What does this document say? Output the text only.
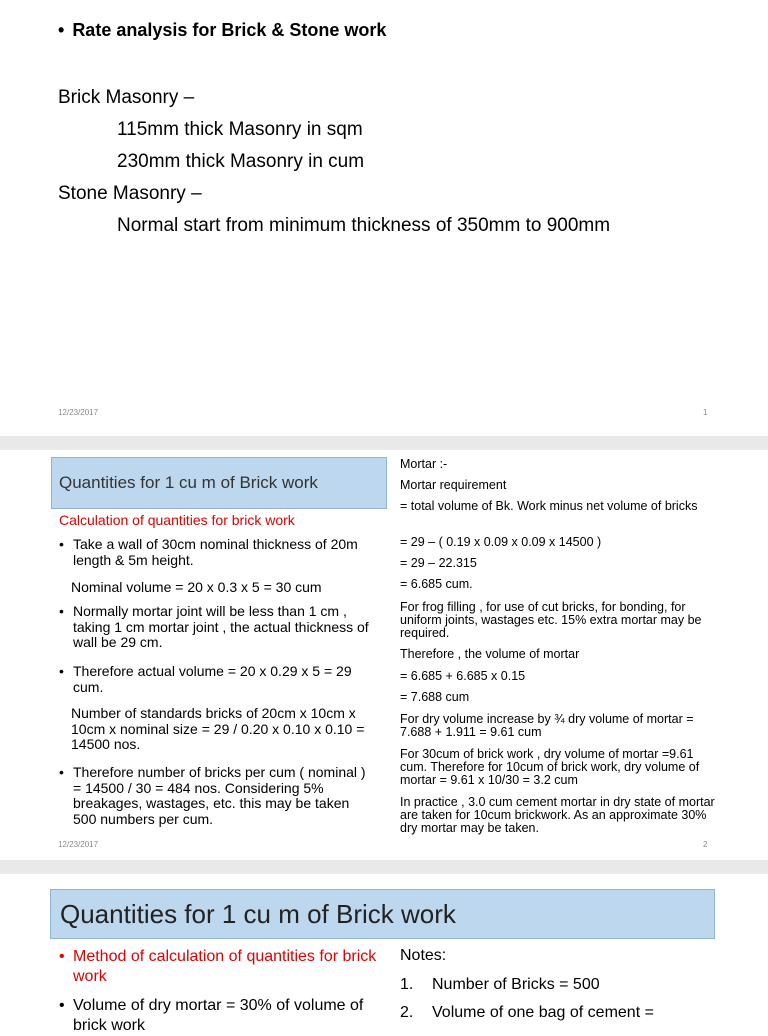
• Rate analysis for Brick & Stone work
Brick Masonry –
115mm thick Masonry in sqm
230mm thick Masonry in cum
Stone Masonry –
Normal start from minimum thickness of 350mm to 900mm
12/23/2017	1
Quantities for 1 cu m of Brick work
Calculation of quantities for brick work
• Take a wall of 30cm nominal thickness of 20m length & 5m height.
Nominal volume = 20 x 0.3 x 5 = 30 cum
• Normally mortar joint will be less than 1 cm , taking 1 cm mortar joint , the actual thickness of wall be 29 cm.
• Therefore actual volume = 20 x 0.29 x 5 = 29 cum.
Number of standards bricks of 20cm x 10cm x 10cm x nominal size = 29 / 0.20 x 0.10 x 0.10 = 14500 nos.
• Therefore number of bricks per cum ( nominal ) = 14500 / 30 = 484 nos. Considering 5% breakages, wastages, etc. this may be taken 500 numbers per cum.
Mortar :-
Mortar requirement
= total volume of Bk. Work minus net volume of bricks
= 29 – ( 0.19 x 0.09 x 0.09 x 14500 )
= 29 – 22.315
= 6.685 cum.
For frog filling , for use of cut bricks, for bonding, for uniform joints, wastages etc. 15% extra mortar may be required.
Therefore , the volume of mortar
= 6.685 + 6.685 x 0.15
= 7.688 cum
For dry volume increase by ¾ dry volume of mortar = 7.688 + 1.911 = 9.61 cum
For 30cum of brick work , dry volume of mortar =9.61 cum. Therefore for 10cum of brick work, dry volume of mortar = 9.61 x 10/30 = 3.2 cum
In practice , 3.0 cum cement mortar in dry state of mortar are taken for 10cum brickwork. As an approximate 30% dry mortar may be taken.
12/23/2017	2
Quantities for 1 cu m of Brick work
• Method of calculation of quantities for brick work
• Volume of dry mortar = 30% of volume of brick work
Notes:
1. Number of Bricks = 500
2. Volume of one bag of cement =
